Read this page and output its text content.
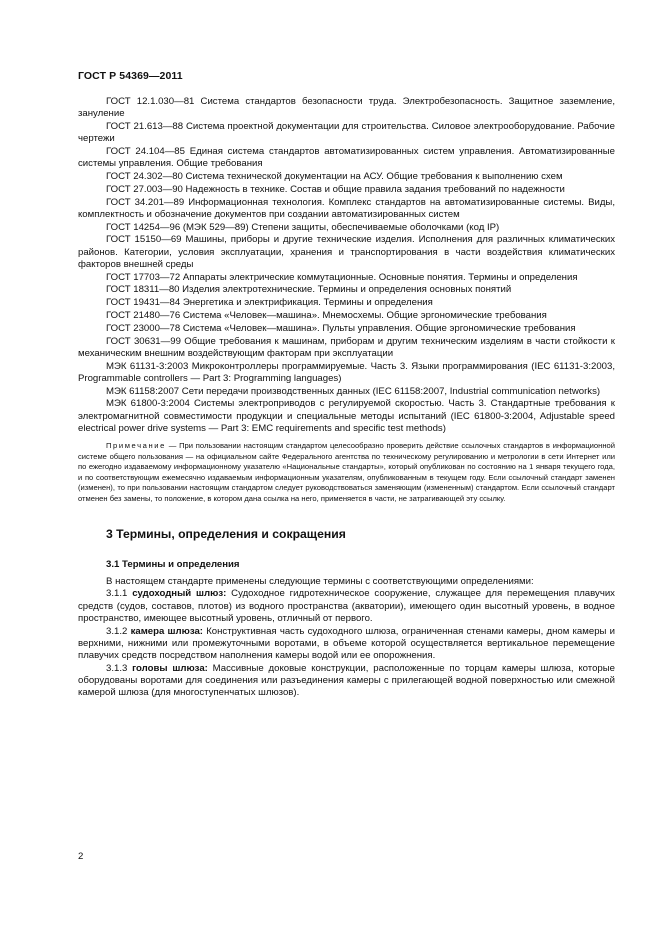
ГОСТ Р 54369—2011

ГОСТ 12.1.030—81 Система стандартов безопасности труда. Электробезопасность. Защитное заземление, зануление

ГОСТ 21.613—88 Система проектной документации для строительства. Силовое электрооборудование. Рабочие чертежи

ГОСТ 24.104—85 Единая система стандартов автоматизированных систем управления. Автоматизированные системы управления. Общие требования

ГОСТ 24.302—80 Система технической документации на АСУ. Общие требования к выполнению схем

ГОСТ 27.003—90 Надежность в технике. Состав и общие правила задания требований по надежности

ГОСТ 34.201—89 Информационная технология. Комплекс стандартов на автоматизированные системы. Виды, комплектность и обозначение документов при создании автоматизированных систем

ГОСТ 14254—96 (МЭК 529—89) Степени защиты, обеспечиваемые оболочками (код IP)

ГОСТ 15150—69 Машины, приборы и другие технические изделия. Исполнения для различных климатических районов. Категории, условия эксплуатации, хранения и транспортирования в части воздействия климатических факторов внешней среды

ГОСТ 17703—72 Аппараты электрические коммутационные. Основные понятия. Термины и определения

ГОСТ 18311—80 Изделия электротехнические. Термины и определения основных понятий

ГОСТ 19431—84 Энергетика и электрификация. Термины и определения

ГОСТ 21480—76 Система «Человек—машина». Мнемосхемы. Общие эргономические требования

ГОСТ 23000—78 Система «Человек—машина». Пульты управления. Общие эргономические требования

ГОСТ 30631—99 Общие требования к машинам, приборам и другим техническим изделиям в части стойкости к механическим внешним воздействующим факторам при эксплуатации

МЭК 61131-3:2003 Микроконтроллеры программируемые. Часть 3. Языки программирования (IEC 61131-3:2003, Programmable controllers — Part 3: Programming languages)

МЭК 61158:2007 Сети передачи производственных данных (IEC 61158:2007, Industrial communication networks)

МЭК 61800-3:2004 Системы электроприводов с регулируемой скоростью. Часть 3. Стандартные требования к электромагнитной совместимости продукции и специальные методы испытаний (IEC 61800-3:2004, Adjustable speed electrical power drive systems — Part 3: EMC requirements and specific test methods)

Примечание — При пользовании настоящим стандартом целесообразно проверить действие ссылочных стандартов в информационной системе общего пользования — на официальном сайте Федерального агентства по техническому регулированию и метрологии в сети Интернет или по ежегодно издаваемому информационному указателю «Национальные стандарты», который опубликован по состоянию на 1 января текущего года, и по соответствующим ежемесячно издаваемым информационным указателям, опубликованным в текущем году. Если ссылочный стандарт заменен (изменен), то при пользовании настоящим стандартом следует руководствоваться заменяющим (измененным) стандартом. Если ссылочный стандарт отменен без замены, то положение, в котором дана ссылка на него, применяется в части, не затрагивающей эту ссылку.
3 Термины, определения и сокращения
3.1 Термины и определения

В настоящем стандарте применены следующие термины с соответствующими определениями:

3.1.1 судоходный шлюз: Судоходное гидротехническое сооружение, служащее для перемещения плавучих средств (судов, составов, плотов) из водного пространства (акватории), имеющего один высотный уровень, в водное пространство, имеющее высотный уровень, отличный от первого.

3.1.2 камера шлюза: Конструктивная часть судоходного шлюза, ограниченная стенами камеры, дном камеры и верхними, нижними или промежуточными воротами, в объеме которой осуществляется вертикальное перемещение плавучих средств посредством наполнения камеры водой или ее опорожнения.

3.1.3 головы шлюза: Массивные доковые конструкции, расположенные по торцам камеры шлюза, которые оборудованы воротами для соединения или разъединения камеры с прилегающей водной поверхностью или смежной камерой шлюза (для многоступенчатых шлюзов).

2
